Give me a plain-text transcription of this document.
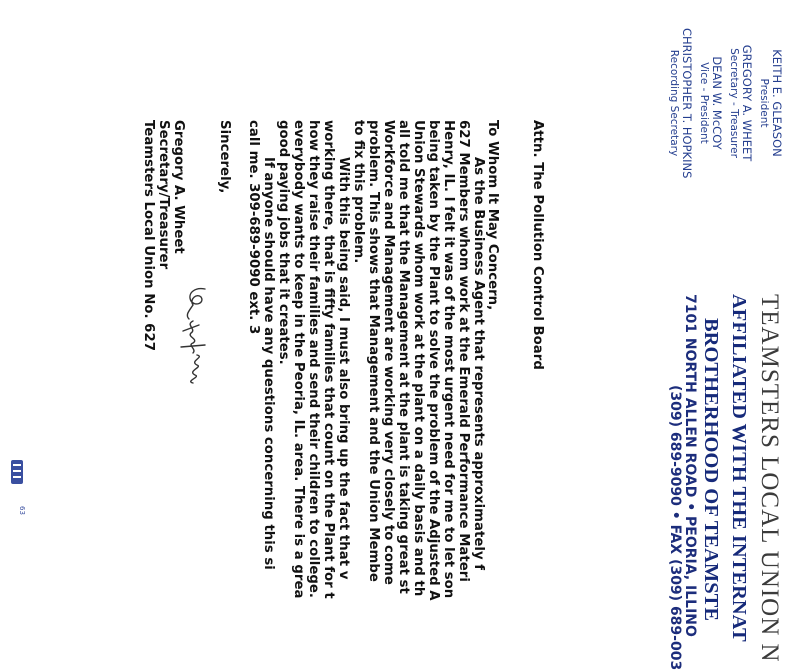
TEAMSTERS LOCAL UNION N
AFFILIATED WITH THE INTERNAT
BROTHERHOOD OF TEAMSTE
7101 NORTH ALLEN ROAD • PEORIA, ILLINO
(309) 689-9090 • FAX (309) 689-003
KEITH E. GLEASON
President
GREGORY A. WHEET
Secretary - Treasurer
DEAN W. McCOY
Vice - President
CHRISTOPHER T. HOPKINS
Recording Secretary
Attn. The Pollution Control Board
To Whom It May Concern,
As the Business Agent that represents approximately f
627 Members whom work at the Emerald Performance Materi
Henry, IL. I felt it was of the most urgent need for me to let son
being taken by the Plant to solve the problem of the Adjusted A
Union Stewards whom work at the plant on a daily basis and th
all told me that the Management at the plant is taking great st
Workforce and Management are working very closely to come
problem. This shows that Management and the Union Membe
to fix this problem.
With this being said, I must also bring up the fact that v
working there, that is fifty families that count on the Plant for t
how they raise their families and send their children to college.
everybody wants to keep in the Peoria, IL. area. There is a grea
good paying jobs that it creates.
If anyone should have any questions concerning this si
call me. 309-689-9090 ext. 3
Sincerely,
Gregory A. Wheet
Secretary/Treasurer
Teamsters Local Union No. 627
63
